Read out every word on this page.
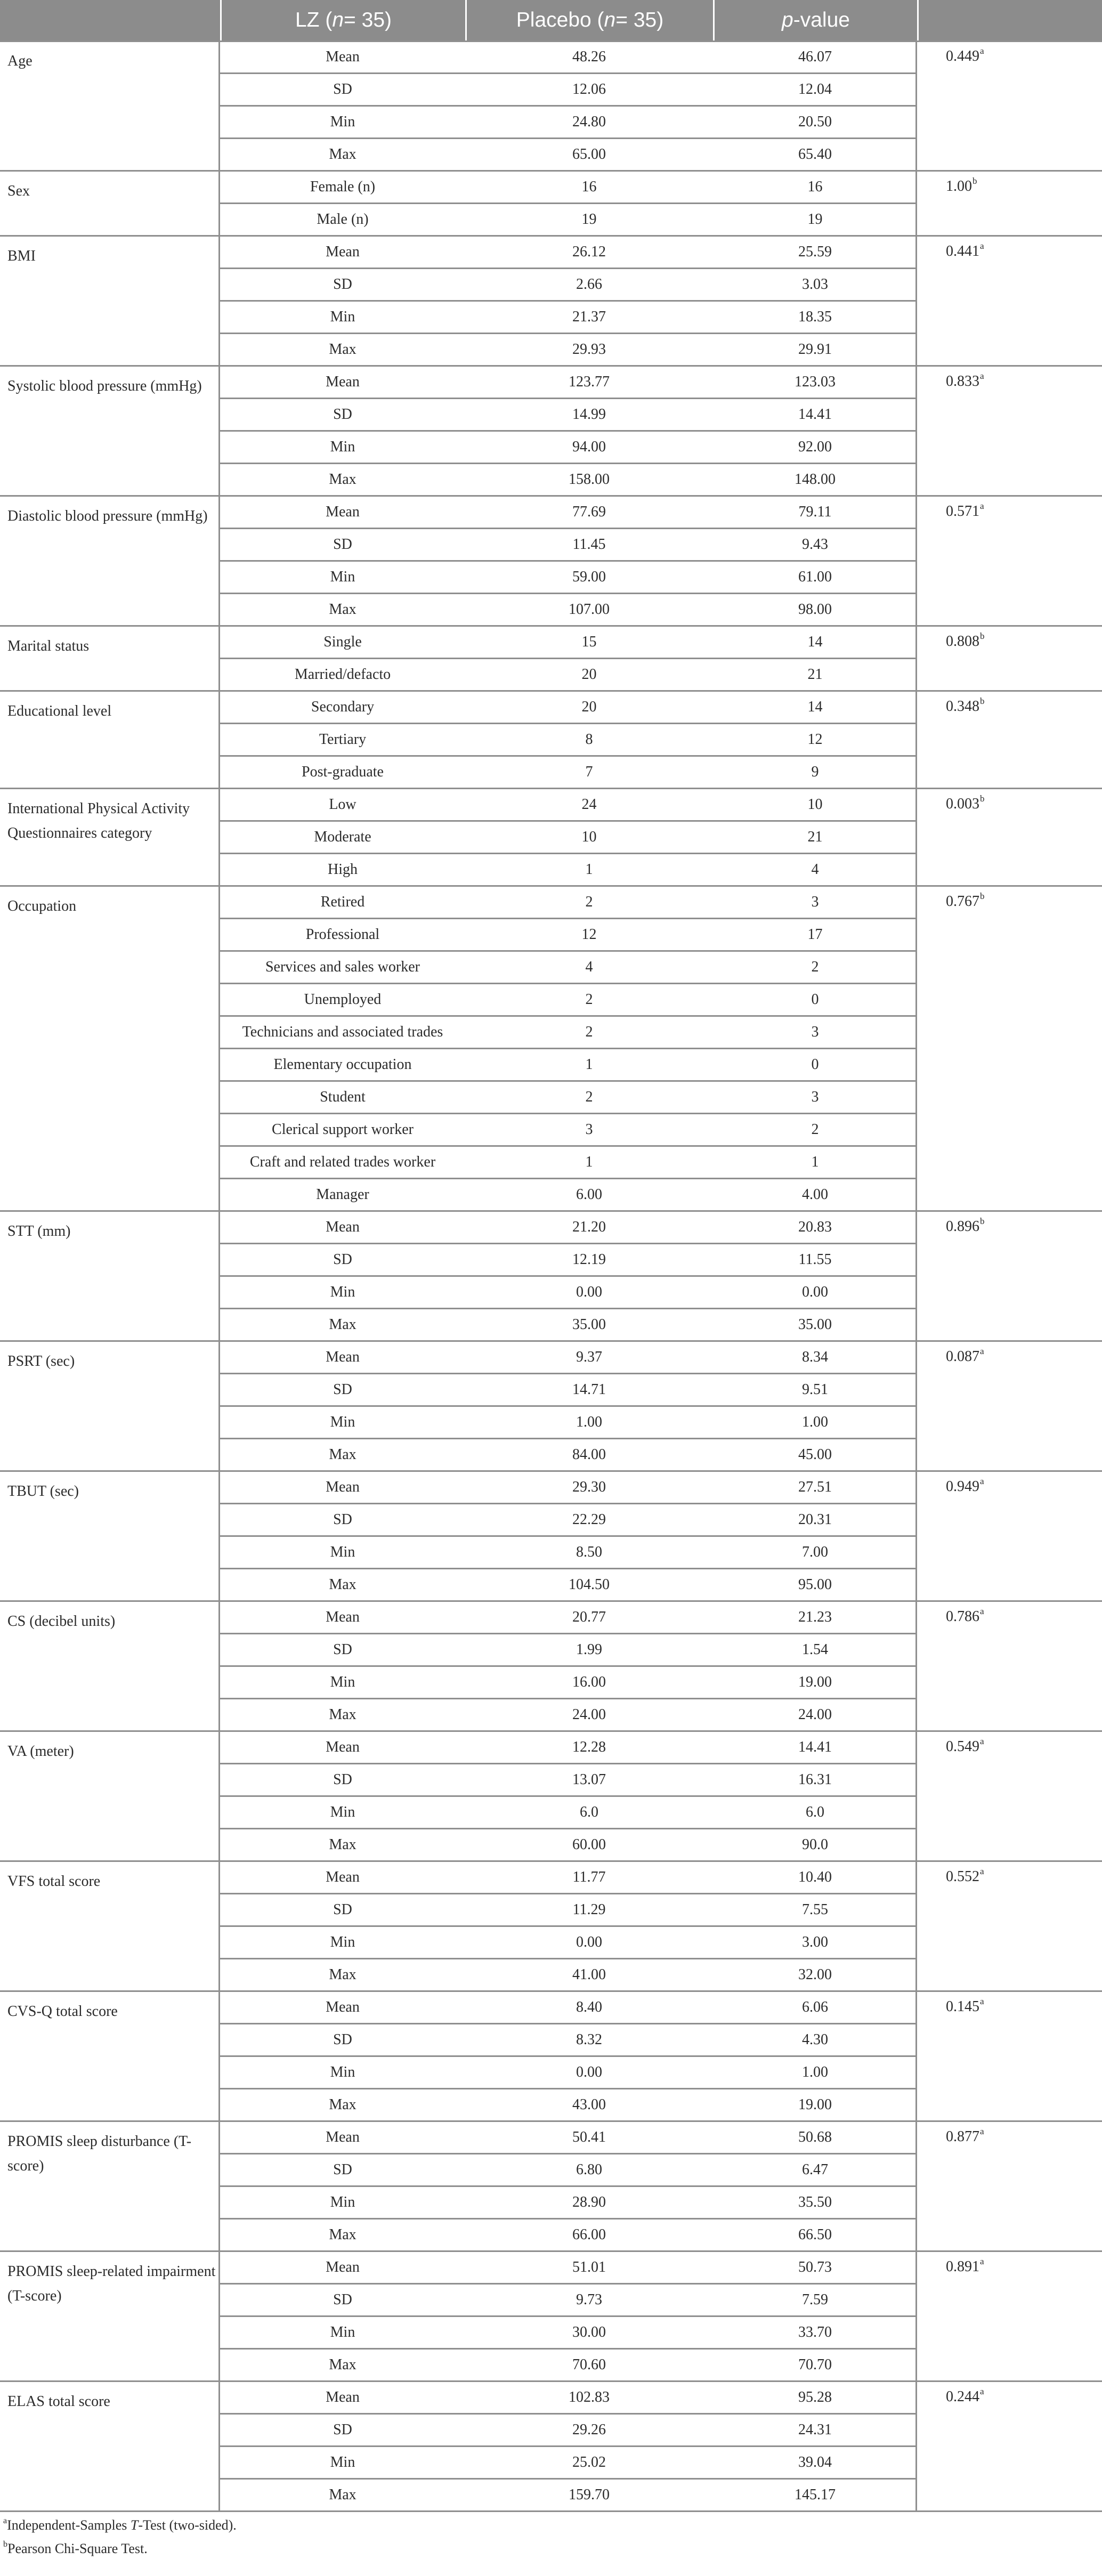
LZ ( n = 35)	Placebo ( n = 35)	p -value
Age	0.449$^a$
Mean	48.26	46.07
SD	12.06	12.04
Min	24.80	20.50
Max	65.00	65.40
Sex	1.00$^b$
Female (n)	16	16
Male (n)	19	19
BMI	0.441$^a$
Mean	26.12	25.59
SD	2.66	3.03
Min	21.37	18.35
Max	29.93	29.91
Systolic blood pressure (mmHg)	0.833$^a$
Mean	123.77	123.03
SD	14.99	14.41
Min	94.00	92.00
Max	158.00	148.00
Diastolic blood pressure (mmHg)	0.571$^a$
Mean	77.69	79.11
SD	11.45	9.43
Min	59.00	61.00
Max	107.00	98.00
Marital status	0.808$^b$
Single	15	14
Married/defacto	20	21
Educational level	0.348$^b$
Secondary	20	14
Tertiary	8	12
Post-graduate	7	9
International Physical Activity Questionnaires category
0.003$^b$
Low	24	10
Moderate	10	21
High	1	4
Occupation	0.767$^b$
Retired	2	3
Professional	12	17
Services and sales worker	4	2
Unemployed	2	0
Technicians and associated trades	2	3
Elementary occupation	1	0
Student	2	3
Clerical support worker	3	2
Craft and related trades worker	1	1
Manager	6.00	4.00
STT (mm)	0.896$^b$
Mean	21.20	20.83
SD	12.19	11.55
Min	0.00	0.00
Max	35.00	35.00
PSRT (sec)	0.087$^a$
Mean	9.37	8.34
SD	14.71	9.51
Min	1.00	1.00
Max	84.00	45.00
TBUT (sec)	0.949$^a$
Mean	29.30	27.51
SD	22.29	20.31
Min	8.50	7.00
Max	104.50	95.00
CS (decibel units)	0.786$^a$
Mean	20.77	21.23
SD	1.99	1.54
Min	16.00	19.00
Max	24.00	24.00
VA (meter)	0.549$^a$
Mean	12.28	14.41
SD	13.07	16.31
Min	6.0	6.0
Max	60.00	90.0
VFS total score	0.552$^a$
Mean	11.77	10.40
SD	11.29	7.55
Min	0.00	3.00
Max	41.00	32.00
CVS-Q total score	0.145$^a$
Mean	8.40	6.06
SD	8.32	4.30
Min	0.00	1.00
Max	43.00	19.00
PROMIS sleep disturbance (T-score)
0.877$^a$
Mean	50.41	50.68
SD	6.80	6.47
Min	28.90	35.50
Max	66.00	66.50
PROMIS sleep-related impairment (T-score)
0.891$^a$
Mean	51.01	50.73
SD	9.73	7.59
Min	30.00	33.70
Max	70.60	70.70
ELAS total score	0.244$^a$
Mean	102.83	95.28
SD	29.26	24.31
Min	25.02	39.04
Max	159.70	145.17
$^a$Independent-Samples T-Test (two-sided).
$^b$Pearson Chi-Square Test.
